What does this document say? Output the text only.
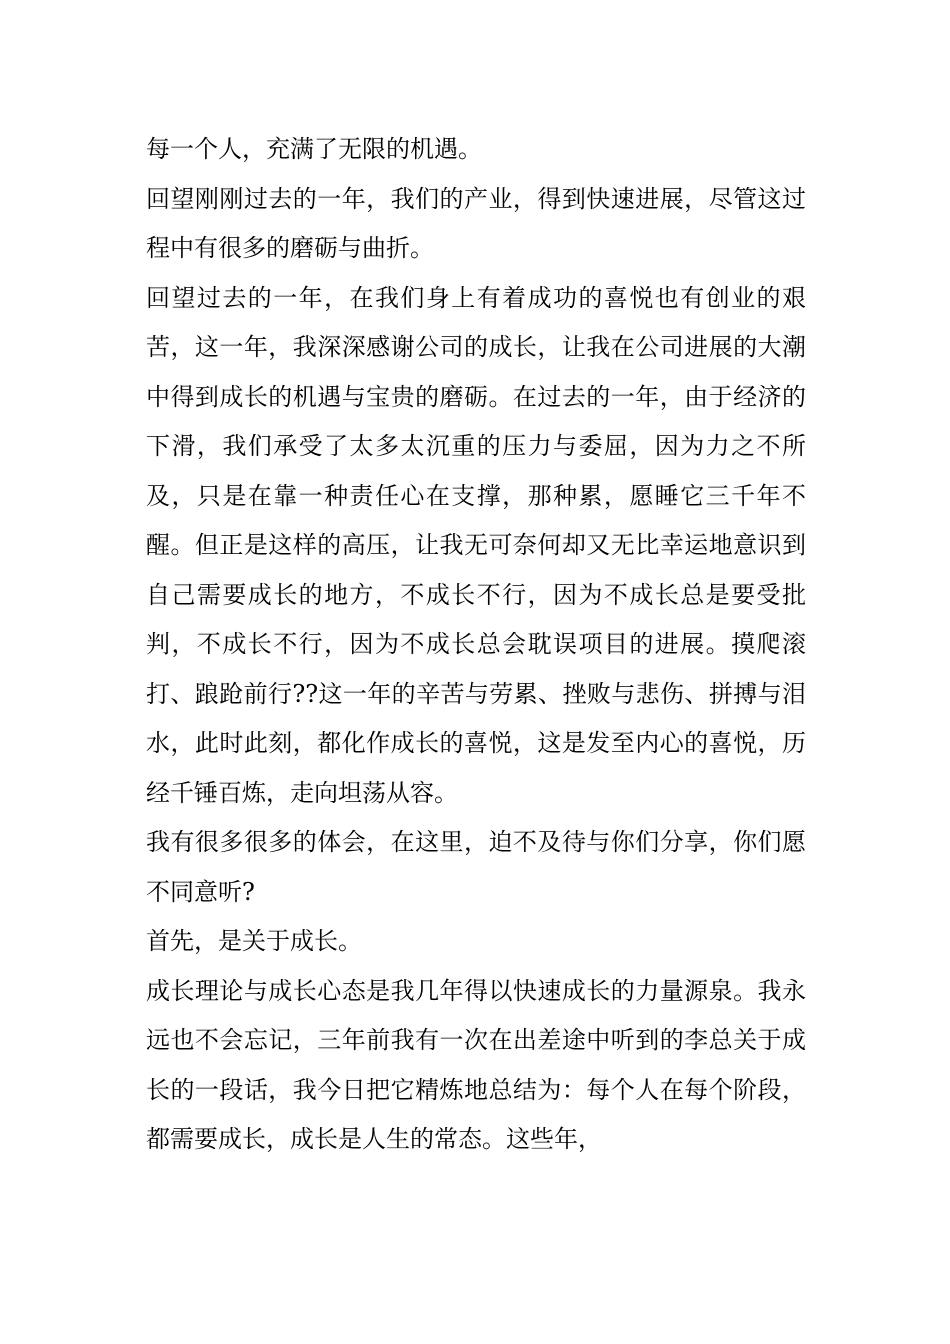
每一个人，充满了无限的机遇。

回望刚刚过去的一年，我们的产业，得到快速进展，尽管这过程中有很多的磨砺与曲折。

回望过去的一年，在我们身上有着成功的喜悦也有创业的艰苦，这一年，我深深感谢公司的成长，让我在公司进展的大潮中得到成长的机遇与宝贵的磨砺。在过去的一年，由于经济的下滑，我们承受了太多太沉重的压力与委屈，因为力之不所及，只是在靠一种责任心在支撑，那种累，愿睡它三千年不醒。但正是这样的高压，让我无可奈何却又无比幸运地意识到自己需要成长的地方，不成长不行，因为不成长总是要受批判，不成长不行，因为不成长总会耽误项目的进展。摸爬滚打、踉跄前行??这一年的辛苦与劳累、挫败与悲伤、拼搏与泪水，此时此刻，都化作成长的喜悦，这是发至内心的喜悦，历经千锤百炼，走向坦荡从容。

我有很多很多的体会，在这里，迫不及待与你们分享，你们愿不同意听?

首先，是关于成长。

成长理论与成长心态是我几年得以快速成长的力量源泉。我永远也不会忘记，三年前我有一次在出差途中听到的李总关于成长的一段话，我今日把它精炼地总结为：每个人在每个阶段，都需要成长，成长是人生的常态。这些年，
